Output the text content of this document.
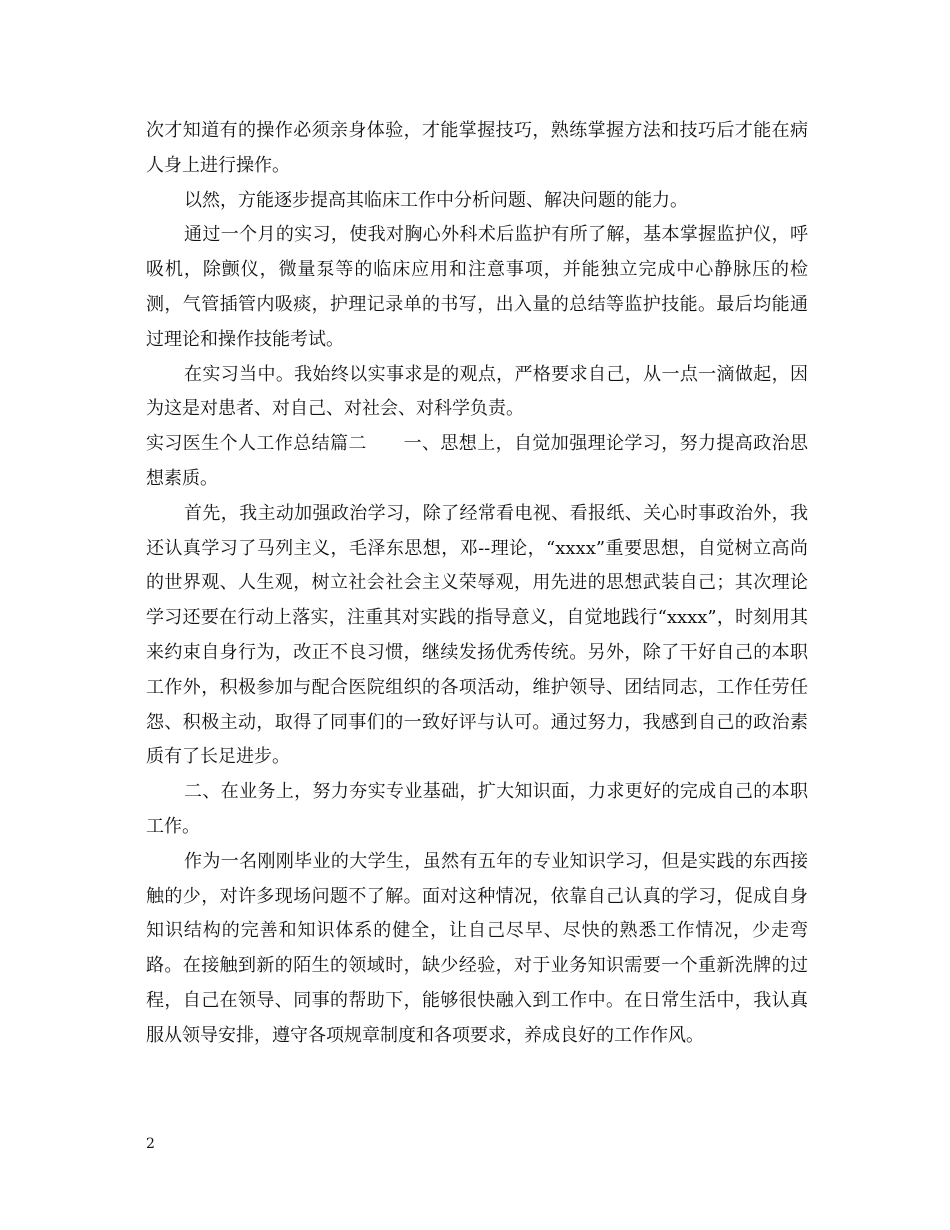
次才知道有的操作必须亲身体验，才能掌握技巧，熟练掌握方法和技巧后才能在病人身上进行操作。

以然，方能逐步提高其临床工作中分析问题、解决问题的能力。

通过一个月的实习，使我对胸心外科术后监护有所了解，基本掌握监护仪，呼吸机，除颤仪，微量泵等的临床应用和注意事项，并能独立完成中心静脉压的检测，气管插管内吸痰，护理记录单的书写，出入量的总结等监护技能。最后均能通过理论和操作技能考试。

在实习当中。我始终以实事求是的观点，严格要求自己，从一点一滴做起，因为这是对患者、对自己、对社会、对科学负责。

实习医生个人工作总结篇二　　一、思想上，自觉加强理论学习，努力提高政治思想素质。

首先，我主动加强政治学习，除了经常看电视、看报纸、关心时事政治外，我还认真学习了马列主义，毛泽东思想，邓--理论，“xxxx”重要思想，自觉树立高尚的世界观、人生观，树立社会社会主义荣辱观，用先进的思想武装自己；其次理论学习还要在行动上落实，注重其对实践的指导意义，自觉地践行“xxxx”，时刻用其来约束自身行为，改正不良习惯，继续发扬优秀传统。另外，除了干好自己的本职工作外，积极参加与配合医院组织的各项活动，维护领导、团结同志，工作任劳任怨、积极主动，取得了同事们的一致好评与认可。通过努力，我感到自己的政治素质有了长足进步。

二、在业务上，努力夯实专业基础，扩大知识面，力求更好的完成自己的本职工作。

作为一名刚刚毕业的大学生，虽然有五年的专业知识学习，但是实践的东西接触的少，对许多现场问题不了解。面对这种情况，依靠自己认真的学习，促成自身知识结构的完善和知识体系的健全，让自己尽早、尽快的熟悉工作情况，少走弯路。在接触到新的陌生的领域时，缺少经验，对于业务知识需要一个重新洗牌的过程，自己在领导、同事的帮助下，能够很快融入到工作中。在日常生活中，我认真服从领导安排，遵守各项规章制度和各项要求，养成良好的工作作风。

2
